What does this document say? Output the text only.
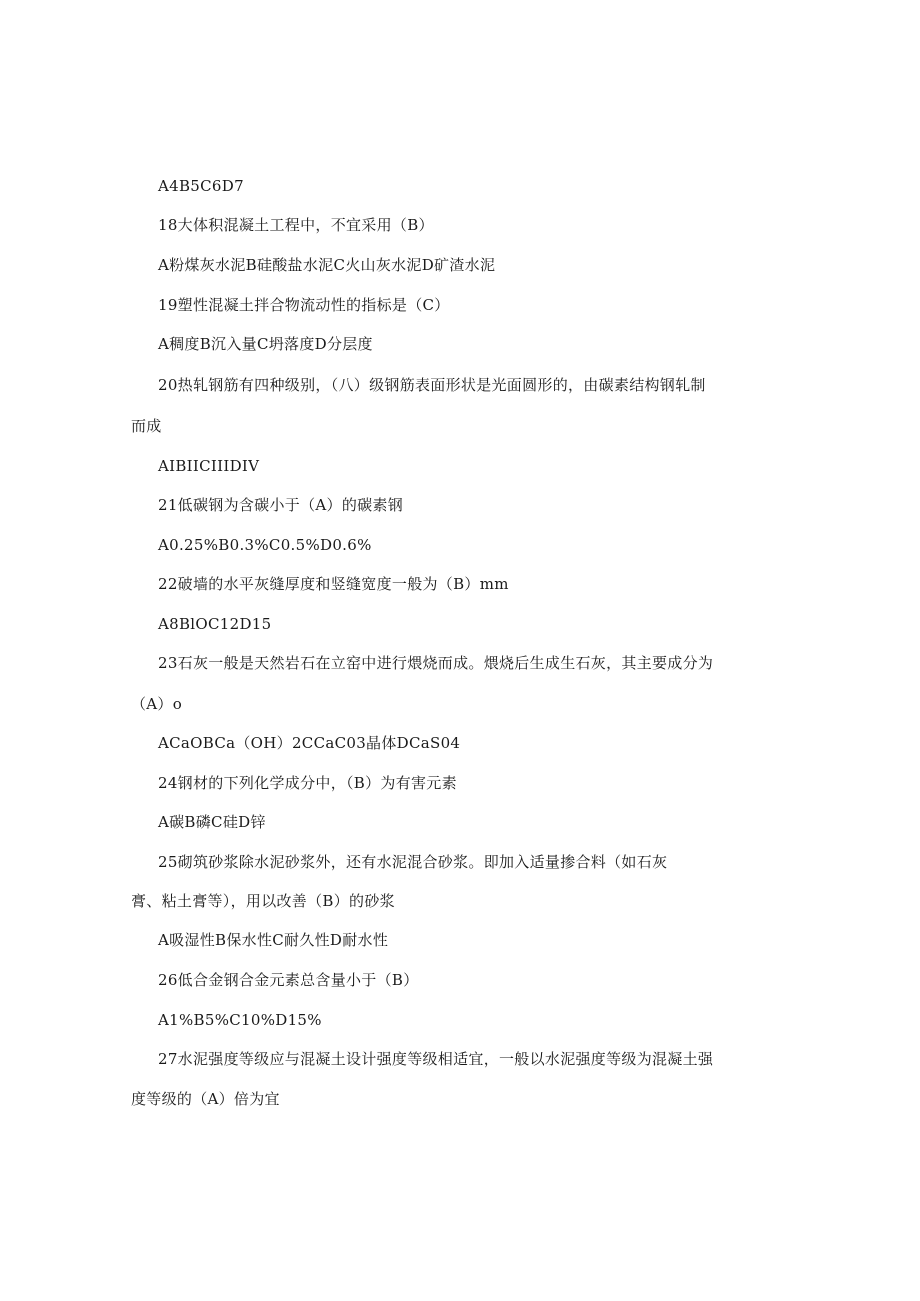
A4B5C6D7
18大体积混凝土工程中，不宜采用（B）
A粉煤灰水泥B硅酸盐水泥C火山灰水泥D矿渣水泥
19塑性混凝土拌合物流动性的指标是（C）
A稠度B沉入量C坍落度D分层度
20热轧钢筋有四种级别，（八）级钢筋表面形状是光面圆形的，由碳素结构钢轧制
而成
AIBIICIIIDIV
21低碳钢为含碳小于（A）的碳素钢
A0.25%B0.3%C0.5%D0.6%
22破墙的水平灰缝厚度和竖缝宽度一般为（B）mm
A8BlOC12D15
23石灰一般是天然岩石在立窑中进行煨烧而成。煨烧后生成生石灰，其主要成分为
（A）o
ACaOBCa（OH）2CCaC03晶体DCaS04
24钢材的下列化学成分中，（B）为有害元素
A碳B磷C硅D锌
25砌筑砂浆除水泥砂浆外，还有水泥混合砂浆。即加入适量掺合料（如石灰
膏、粘土膏等），用以改善（B）的砂浆
A吸湿性B保水性C耐久性D耐水性
26低合金钢合金元素总含量小于（B）
A1%B5%C10%D15%
27水泥强度等级应与混凝土设计强度等级相适宜，一般以水泥强度等级为混凝土强
度等级的（A）倍为宜
